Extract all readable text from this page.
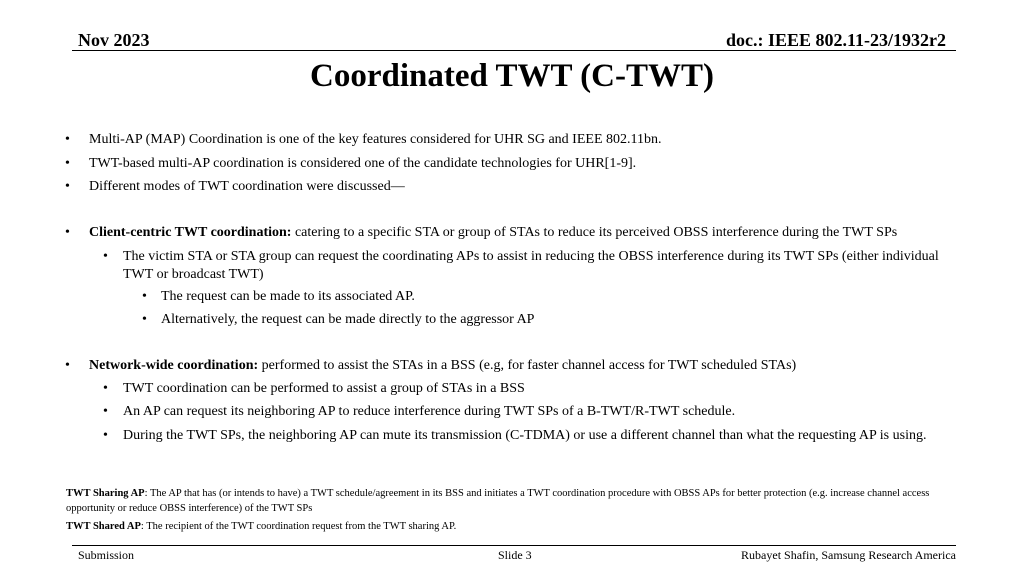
Nov 2023	doc.: IEEE 802.11-23/1932r2
Coordinated TWT (C-TWT)
• Multi-AP (MAP) Coordination is one of the key features considered for UHR SG and IEEE 802.11bn.
• TWT-based multi-AP coordination is considered one of the candidate technologies for UHR[1-9].
• Different modes of TWT coordination were discussed—
• Client-centric TWT coordination: catering to a specific STA or group of STAs to reduce its perceived OBSS interference during the TWT SPs
• The victim STA or STA group can request the coordinating APs to assist in reducing the OBSS interference during its TWT SPs (either individual TWT or broadcast TWT)
• The request can be made to its associated AP.
• Alternatively, the request can be made directly to the aggressor AP
• Network-wide coordination: performed to assist the STAs in a BSS (e.g, for faster channel access for TWT scheduled STAs)
• TWT coordination can be performed to assist a group of STAs in a BSS
• An AP can request its neighboring AP to reduce interference during TWT SPs of a B-TWT/R-TWT schedule.
• During the TWT SPs, the neighboring AP can mute its transmission (C-TDMA) or use a different channel than what the requesting AP is using.
TWT Sharing AP: The AP that has (or intends to have) a TWT schedule/agreement in its BSS and initiates a TWT coordination procedure with OBSS APs for better protection (e.g. increase channel access opportunity or reduce OBSS interference) of the TWT SPs
TWT Shared AP: The recipient of the TWT coordination request from the TWT sharing AP.
Submission	Slide 3	Rubayet Shafin, Samsung Research America
